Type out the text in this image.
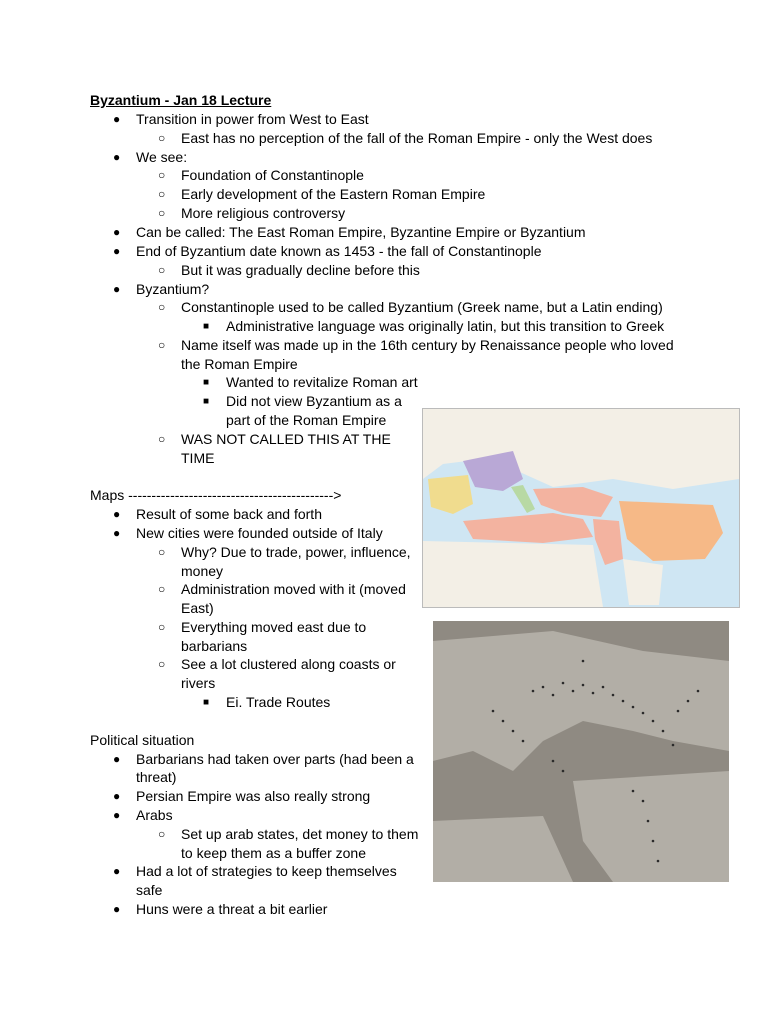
Byzantium - Jan 18 Lecture
● Transition in power from West to East
○ East has no perception of the fall of the Roman Empire - only the West does
● We see:
○ Foundation of Constantinople
○ Early development of the Eastern Roman Empire
○ More religious controversy
● Can be called: The East Roman Empire, Byzantine Empire or Byzantium
● End of Byzantium date known as 1453 - the fall of Constantinople
○ But it was gradually decline before this
● Byzantium?
○ Constantinople used to be called Byzantium (Greek name, but a Latin ending)
■ Administrative language was originally latin, but this transition to Greek
○ Name itself was made up in the 16th century by Renaissance people who loved
the Roman Empire
■ Wanted to revitalize Roman art
■ Did not view Byzantium as a
part of the Roman Empire
○ WAS NOT CALLED THIS AT THE
TIME
Maps -------------------------------------------->
● Result of some back and forth
● New cities were founded outside of Italy
○ Why? Due to trade, power, influence,
money
○ Administration moved with it (moved
East)
○ Everything moved east due to
barbarians
○ See a lot clustered along coasts or
rivers
■ Ei. Trade Routes
Political situation
● Barbarians had taken over parts (had been a
threat)
● Persian Empire was also really strong
● Arabs
○ Set up arab states, det money to them
to keep them as a buffer zone
● Had a lot of strategies to keep themselves
safe
● Huns were a threat a bit earlier
